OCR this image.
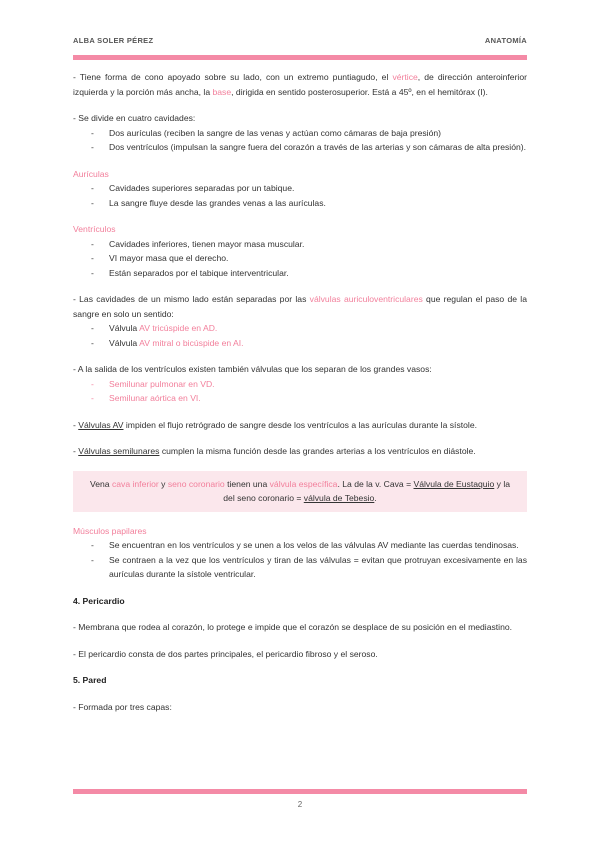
ALBA SOLER PÉREZ	ANATOMÍA

- Tiene forma de cono apoyado sobre su lado, con un extremo puntiagudo, el vértice, de dirección anteroinferior izquierda y la porción más ancha, la base, dirigida en sentido posterosuperior. Está a 45º, en el hemitórax (I).

- Se divide en cuatro cavidades:

- Dos aurículas (reciben la sangre de las venas y actúan como cámaras de baja presión)
- Dos ventrículos (impulsan la sangre fuera del corazón a través de las arterias y son cámaras de alta presión).

Aurículas

- Cavidades superiores separadas por un tabique.
- La sangre fluye desde las grandes venas a las aurículas.

Ventrículos

- Cavidades inferiores, tienen mayor masa muscular.
- VI mayor masa que el derecho.
- Están separados por el tabique interventricular.

- Las cavidades de un mismo lado están separadas por las válvulas auriculoventriculares que regulan el paso de la sangre en solo un sentido:

- Válvula AV tricúspide en AD.
- Válvula AV mitral o bicúspide en AI.

- A la salida de los ventrículos existen también válvulas que los separan de los grandes vasos:

- Semilunar pulmonar en VD.
- Semilunar aórtica en VI.

- Válvulas AV impiden el flujo retrógrado de sangre desde los ventrículos a las aurículas durante la sístole.

- Válvulas semilunares cumplen la misma función desde las grandes arterias a los ventrículos en diástole.

Vena cava inferior y seno coronario tienen una válvula específica. La de la v. Cava = Válvula de Eustaquio y la del seno coronario = válvula de Tebesio.

Músculos papilares

- Se encuentran en los ventrículos y se unen a los velos de las válvulas AV mediante las cuerdas tendinosas.
- Se contraen a la vez que los ventrículos y tiran de las válvulas = evitan que protruyan excesivamente en las aurículas durante la sístole ventricular.

4. Pericardio

- Membrana que rodea al corazón, lo protege e impide que el corazón se desplace de su posición en el mediastino.

- El pericardio consta de dos partes principales, el pericardio fibroso y el seroso.

5. Pared

- Formada por tres capas:

2
